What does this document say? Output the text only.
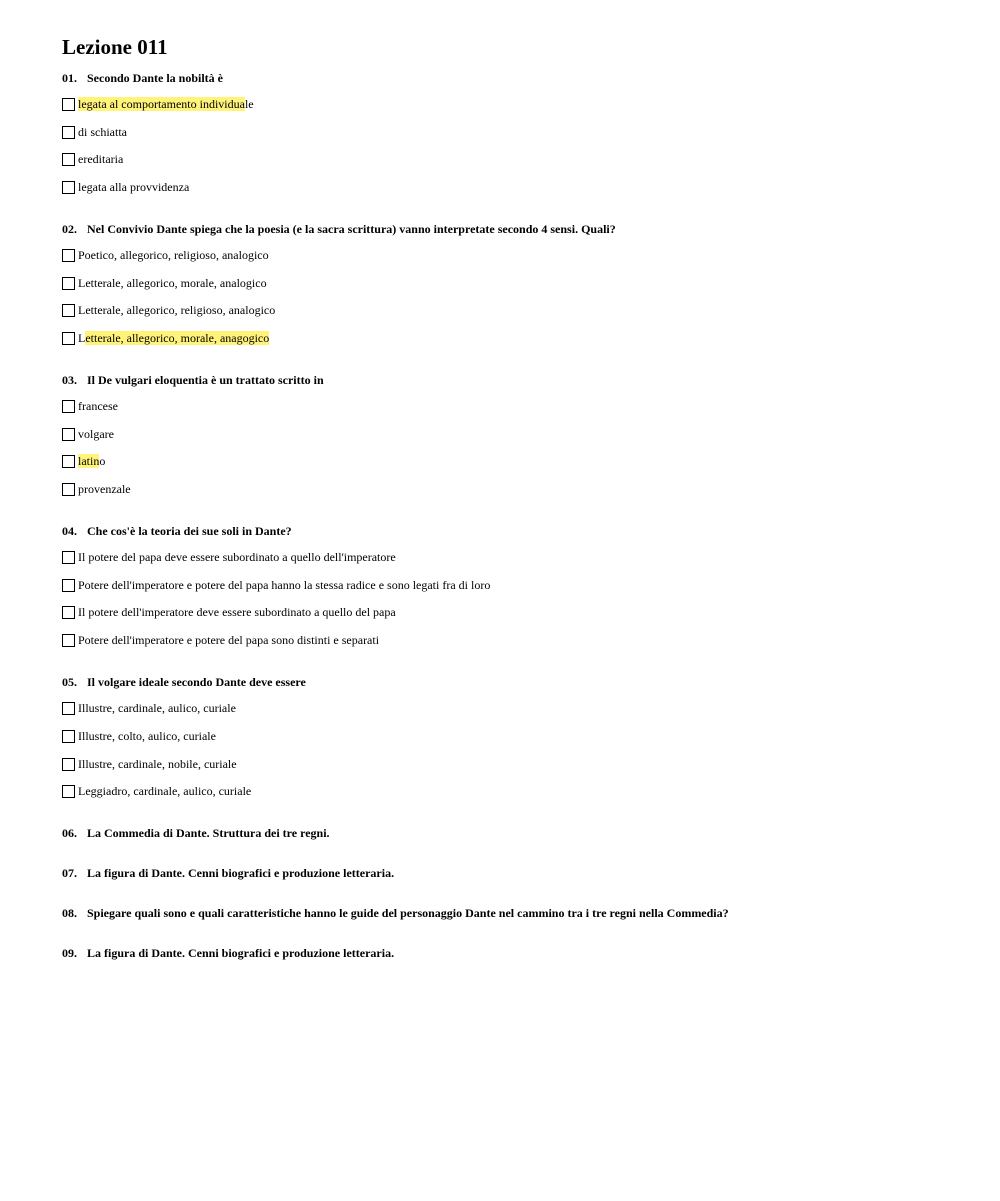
Lezione 011
01. Secondo Dante la nobiltà è
legata al comportamento individuale
di schiatta
ereditaria
legata alla provvidenza
02. Nel Convivio Dante spiega che la poesia (e la sacra scrittura) vanno interpretate secondo 4 sensi. Quali?
Poetico, allegorico, religioso, analogico
Letterale, allegorico, morale, analogico
Letterale, allegorico, religioso, analogico
Letterale, allegorico, morale, anagogico
03. Il De vulgari eloquentia è un trattato scritto in
francese
volgare
latino
provenzale
04. Che cos'è la teoria dei sue soli in Dante?
Il potere del papa deve essere subordinato a quello dell'imperatore
Potere dell'imperatore e potere del papa hanno la stessa radice e sono legati fra di loro
Il potere dell'imperatore deve essere subordinato a quello del papa
Potere dell'imperatore e potere del papa sono distinti e separati
05. Il volgare ideale secondo Dante deve essere
Illustre, cardinale, aulico, curiale
Illustre, colto, aulico, curiale
Illustre, cardinale, nobile, curiale
Leggiadro, cardinale, aulico, curiale
06. La Commedia di Dante. Struttura dei tre regni.
07. La figura di Dante. Cenni biografici e produzione letteraria.
08. Spiegare quali sono e quali caratteristiche hanno le guide del personaggio Dante nel cammino tra i tre regni nella Commedia?
09. La figura di Dante. Cenni biografici e produzione letteraria.
